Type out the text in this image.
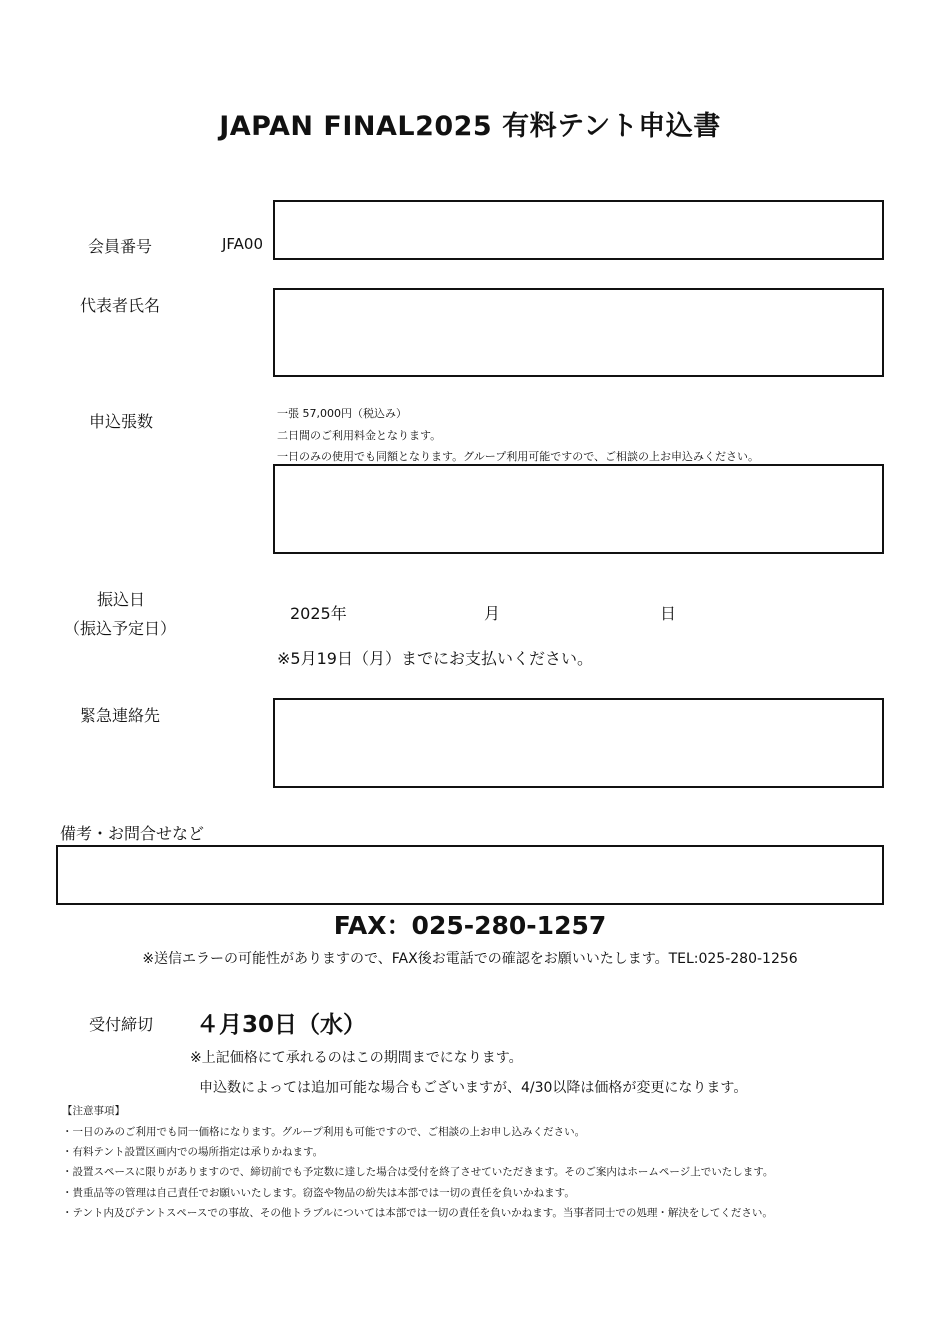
JAPAN FINAL2025 有料テント申込書
会員番号	JFA00
代表者氏名
申込張数	一張 57,000円（税込み）
二日間のご利用料金となります。
一日のみの使用でも同額となります。グループ利用可能ですので、ご相談の上お申込みください。
振込日
（振込予定日）
2025年	月	日
※5月19日（月）までにお支払いください。
緊急連絡先
備考・お問合せなど
FAX：025-280-1257
※送信エラーの可能性がありますので、FAX後お電話での確認をお願いいたします。TEL:025-280-1256
受付締切 ４月30日（水）
※上記価格にて承れるのはこの期間までになります。
申込数によっては追加可能な場合もございますが、4/30以降は価格が変更になります。
【注意事項】
・一日のみのご利用でも同一価格になります。グループ利用も可能ですので、ご相談の上お申し込みください。
・有料テント設置区画内での場所指定は承りかねます。
・設置スペースに限りがありますので、締切前でも予定数に達した場合は受付を終了させていただきます。そのご案内はホームページ上でいたします。
・貴重品等の管理は自己責任でお願いいたします。窃盗や物品の紛失は本部では一切の責任を負いかねます。
・テント内及びテントスペースでの事故、その他トラブルについては本部では一切の責任を負いかねます。当事者同士での処理・解決をしてください。
